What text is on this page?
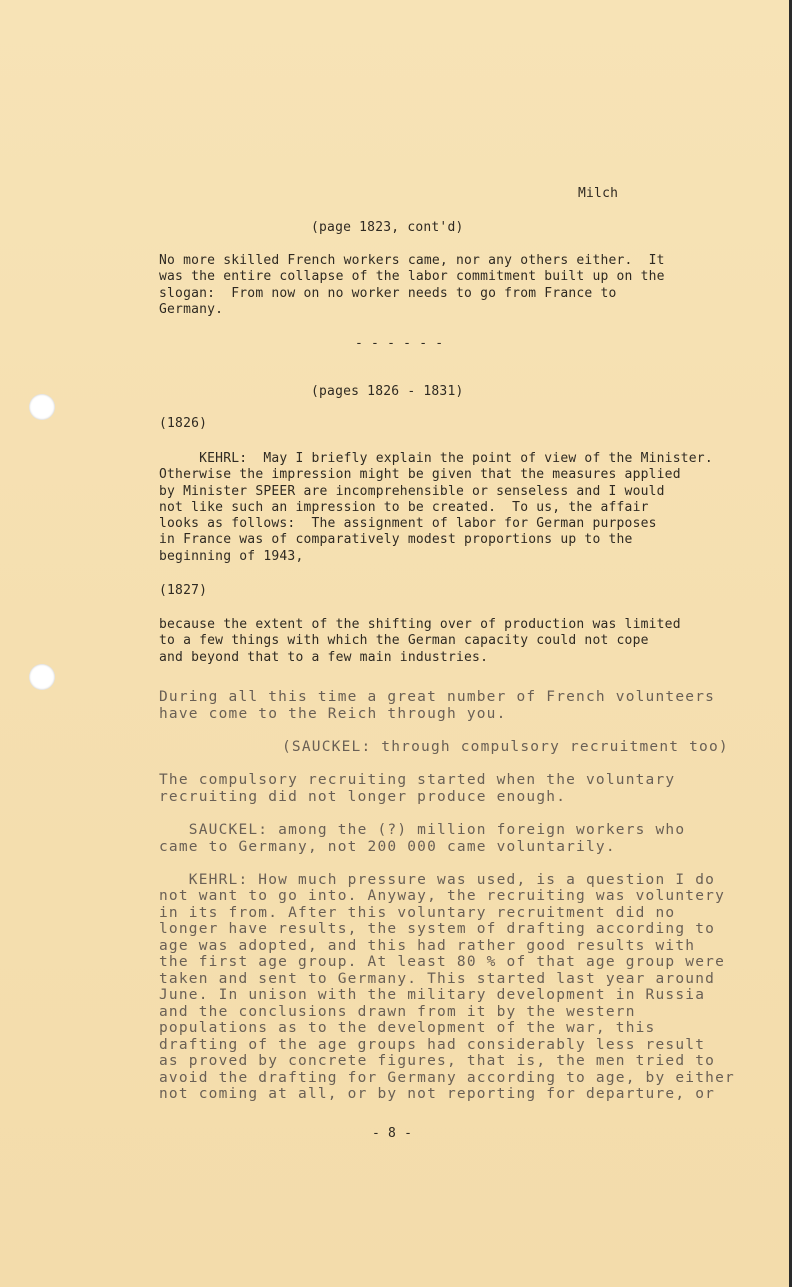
Milch
(page 1823, cont'd)
No more skilled French workers came, nor any others either.  It
was the entire collapse of the labor commitment built up on the
slogan:  From now on no worker needs to go from France to
Germany.
- - - - - -
(pages 1826 - 1831)
(1826)
KEHRL:  May I briefly explain the point of view of the Minister.
Otherwise the impression might be given that the measures applied
by Minister SPEER are incomprehensible or senseless and I would
not like such an impression to be created.  To us, the affair
looks as follows:  The assignment of labor for German purposes
in France was of comparatively modest proportions up to the
beginning of 1943,
(1827)
because the extent of the shifting over of production was limited
to a few things with which the German capacity could not cope
and beyond that to a few main industries.
During all this time a great number of French volunteers
have come to the Reich through you.
(SAUCKEL: through compulsory recruitment too)
The compulsory recruiting started when the voluntary
recruiting did not longer produce enough.
SAUCKEL: among the (?) million foreign workers who
came to Germany, not 200 000 came voluntarily.
KEHRL: How much pressure was used, is a question I do
not want to go into. Anyway, the recruiting was voluntery
in its from. After this voluntary recruitment did no
longer have results, the system of drafting according to
age was adopted, and this had rather good results with
the first age group. At least 80 % of that age group were
taken and sent to Germany. This started last year around
June. In unison with the military development in Russia
and the conclusions drawn from it by the western
populations as to the development of the war, this
drafting of the age groups had considerably less result
as proved by concrete figures, that is, the men tried to
avoid the drafting for Germany according to age, by either
not coming at all, or by not reporting for departure, or
- 8 -
